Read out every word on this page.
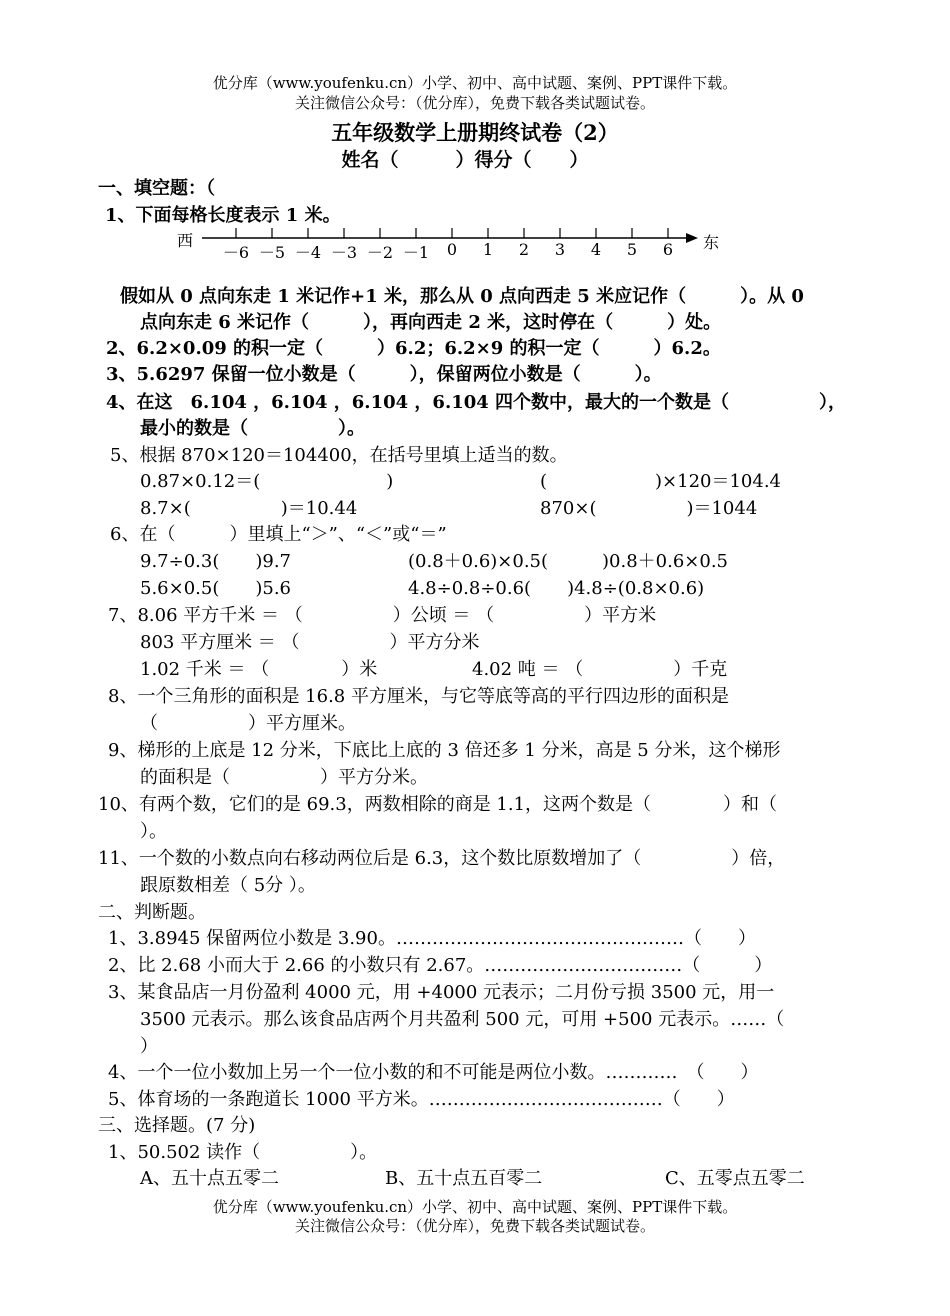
优分库（www.youfenku.cn）小学、初中、高中试题、案例、PPT课件下载。
关注微信公众号：（优分库），免费下载各类试题试卷。
五年级数学上册期终试卷（2）
姓名（　　　）得分（　　）
一、填空题：（
1、下面每格长度表示 1 米。
西	东
－6 －5 －4 －3 －2 －1	0	1	2	3	4	5	6
假如从 0 点向东走 1 米记作+1 米，那么从 0 点向西走 5 米应记作（　　　）。从 0
点向东走 6 米记作（　　　），再向西走 2 米，这时停在（　　　）处。
2、6.2×0.09 的积一定（　　　）6.2；6.2×9 的积一定（　　　）6.2。
3、5.6297 保留一位小数是（　　　），保留两位小数是（　　　）。
4、在这　6.104 ，6.104 ，6.104 ，6.104 四个数中，最大的一个数是（　　　　　），
最小的数是（　　　　　）。
5、根据 870×120＝104400，在括号里填上适当的数。
0.87×0.12＝(　　　　　　　)	(　　　　　　)×120＝104.4
8.7×(　　　　　)＝10.44	870×(　　　　　)＝1044
6、在（　　　）里填上“＞”、“＜”或“＝”
9.7÷0.3(　　)9.7	(0.8＋0.6)×0.5(　　　)0.8＋0.6×0.5
5.6×0.5(　　)5.6	4.8÷0.8÷0.6(　　)4.8÷(0.8×0.6)
7、8.06 平方千米 ＝ （　　　　　）公顷 ＝ （　　　　　）平方米
803 平方厘米 ＝ （　　　　　）平方分米
1.02 千米 ＝ （　　　　）米	4.02 吨 ＝ （　　　　　）千克
8、一个三角形的面积是 16.8 平方厘米，与它等底等高的平行四边形的面积是
（　　　　　）平方厘米。
9、梯形的上底是 12 分米，下底比上底的 3 倍还多 1 分米，高是 5 分米，这个梯形
的面积是（　　　　　）平方分米。
10、有两个数，它们的是 69.3，两数相除的商是 1.1，这两个数是（　　　　）和（
）。
11、一个数的小数点向右移动两位后是 6.3，这个数比原数增加了（　　　　　）倍，
跟原数相差（ 5分 ）。
二、判断题。
1、3.8945 保留两位小数是 3.90。…………………………………………（　　）
2、比 2.68 小而大于 2.66 的小数只有 2.67。……………………………（　　　）
3、某食品店一月份盈利 4000 元，用 +4000 元表示；二月份亏损 3500 元，用一
3500 元表示。那么该食品店两个月共盈利 500 元，可用 +500 元表示。……（
）
4、一个一位小数加上另一个一位小数的和不可能是两位小数。…………　（　　）
5、体育场的一条跑道长 1000 平方米。…………………………………（　　）
三、选择题。(7 分)
1、50.502 读作（　　　　　）。
A、五十点五零二	B、五十点五百零二	C、五零点五零二
优分库（www.youfenku.cn）小学、初中、高中试题、案例、PPT课件下载。
关注微信公众号：（优分库），免费下载各类试题试卷。
